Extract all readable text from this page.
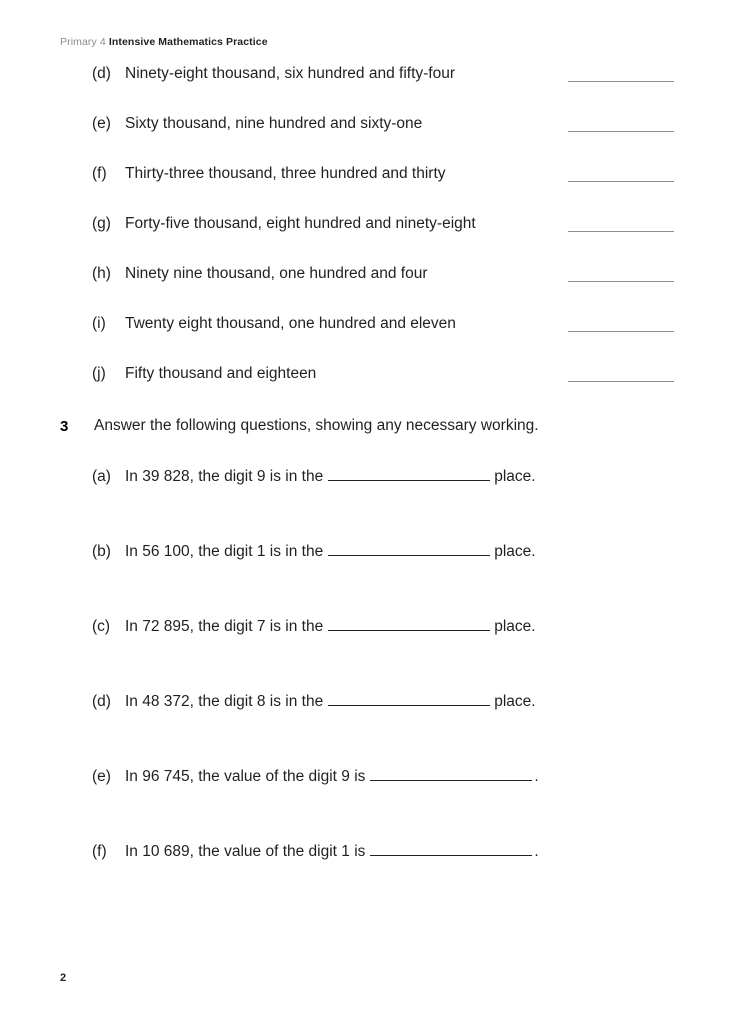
Primary 4 Intensive Mathematics Practice
(d) Ninety-eight thousand, six hundred and fifty-four
(e) Sixty thousand, nine hundred and sixty-one
(f) Thirty-three thousand, three hundred and thirty
(g) Forty-five thousand, eight hundred and ninety-eight
(h) Ninety nine thousand, one hundred and four
(i) Twenty eight thousand, one hundred and eleven
(j) Fifty thousand and eighteen
3 Answer the following questions, showing any necessary working.
(a) In 39 828, the digit 9 is in the	place.
(b) In 56 100, the digit 1 is in the	place.
(c) In 72 895, the digit 7 is in the	place.
(d) In 48 372, the digit 8 is in the	place.
(e) In 96 745, the value of the digit 9 is	.
(f) In 10 689, the value of the digit 1 is	.
2
